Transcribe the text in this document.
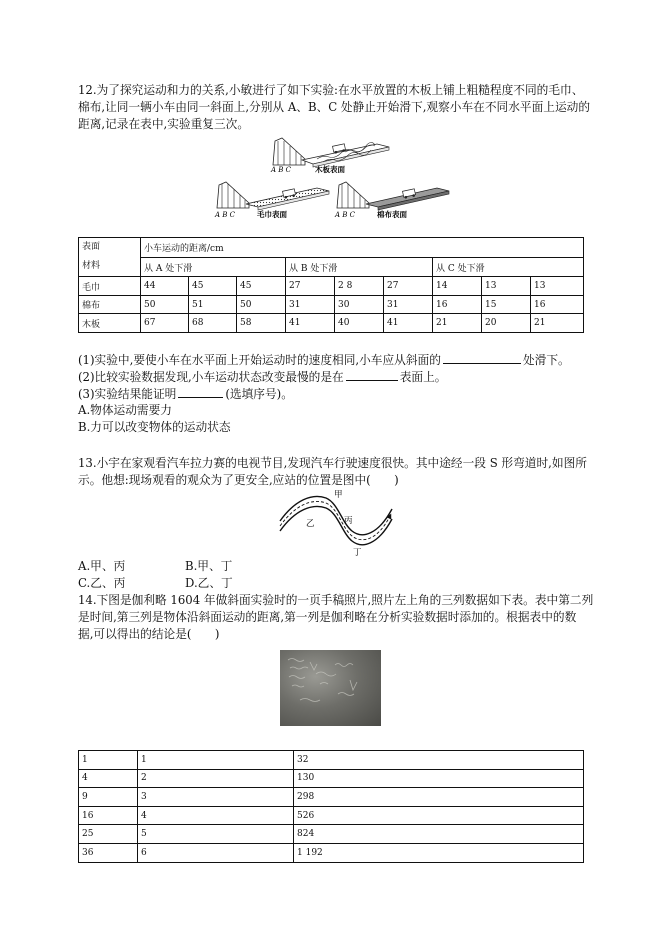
12.为了探究运动和力的关系,小敏进行了如下实验:在水平放置的木板上铺上粗糙程度不同的毛巾、
棉布,让同一辆小车由同一斜面上,分别从 A、B、C 处静止开始滑下,观察小车在不同水平面上运动的
距离,记录在表中,实验重复三次。
A B C	木板表面
A B C	毛巾表面	A B C	棉布表面
表面
材料	小车运动的距离/cm								
	从 A 处下滑			从 B 处下滑			从 C 处下滑		
毛巾	44	45	45	27	2 8	27	14	13	13
棉布	50	51	50	31	30	31	16	15	16
木板	67	68	58	41	40	41	21	20	21
(1)实验中,要使小车在水平面上开始运动时的速度相同,小车应从斜面的	处滑下。
(2)比较实验数据发现,小车运动状态改变最慢的是在	表面上。
(3)实验结果能证明	(选填序号)。
A.物体运动需要力
B.力可以改变物体的运动状态
13.小宇在家观看汽车拉力赛的电视节目,发现汽车行驶速度很快。其中途经一段 S 形弯道时,如图所
示。他想:现场观看的观众为了更安全,应站的位置是图中(　　)
甲
乙	丙
丁
A.甲、丙	B.甲、丁
C.乙、丙	D.乙、丁
14.下图是伽利略 1604 年做斜面实验时的一页手稿照片,照片左上角的三列数据如下表。表中第二列
是时间,第三列是物体沿斜面运动的距离,第一列是伽利略在分析实验数据时添加的。根据表中的数
据,可以得出的结论是(　　)
1	1	32
4	2	130
9	3	298
16	4	526
25	5	824
36	6	1 192
